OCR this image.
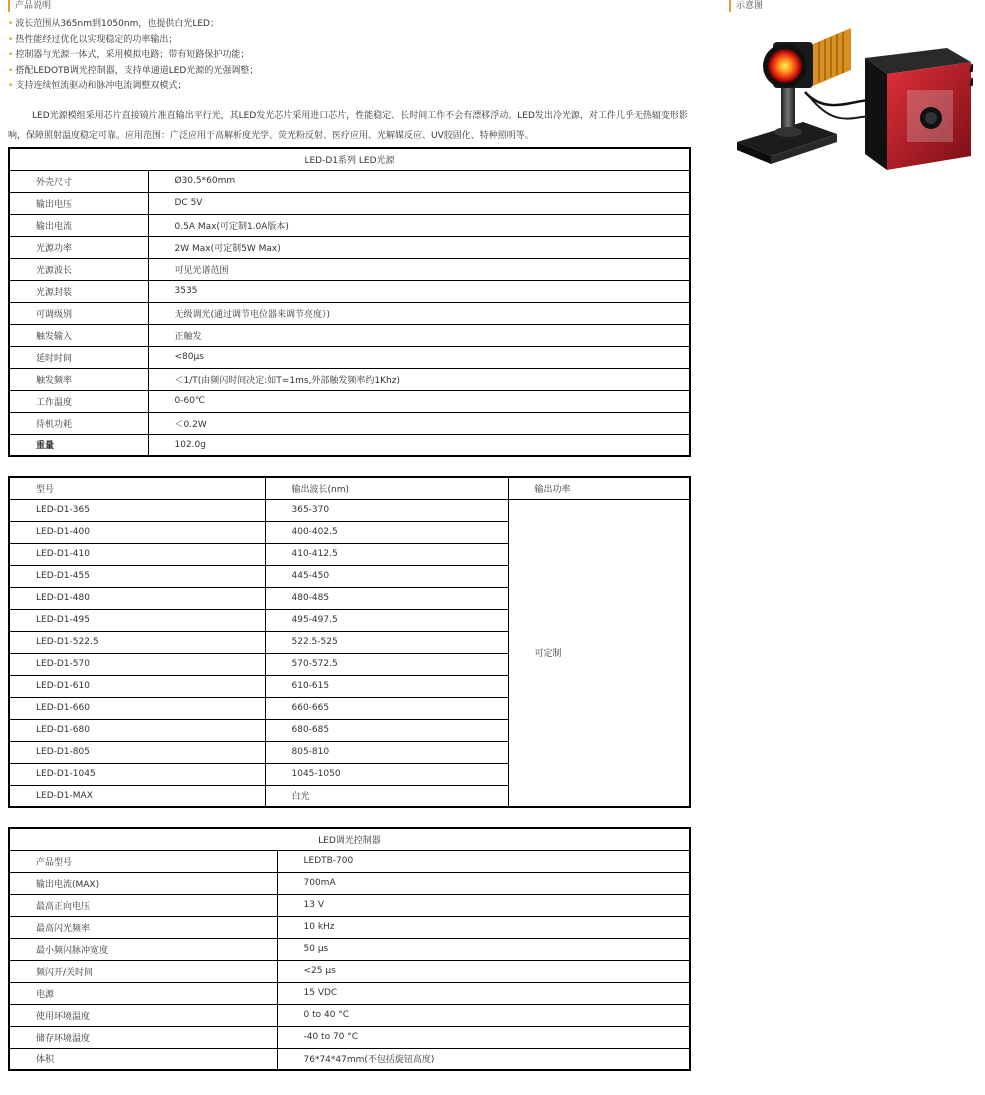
产品说明	示意图
• 波长范围从365nm到1050nm，也提供白光LED；
• 热性能经过优化以实现稳定的功率输出；
• 控制器与光源一体式，采用模拟电路；带有短路保护功能；
• 搭配LEDOTB调光控制器，支持单通道LED光源的光强调整；
• 支持连续恒流驱动和脉冲电流调整双模式；
LED光源模组采用芯片直接镜片准直输出平行光，其LED发光芯片采用进口芯片，性能稳定、长时间工作不会有漂移浮动。LED发出冷光源，对工件几乎无热辐变形影响，保障照射温度稳定可靠。应用范围：广泛应用于高解析度光学、荧光粉反射、医疗应用、光解媒反应、UV胶固化、特种照明等。
LED-D1系列 LED光源	
外壳尺寸	Ø30.5*60mm
输出电压	DC 5V
输出电流	0.5A Max(可定制1.0A版本)
光源功率	2W Max(可定制5W Max)
光源波长	可见光谱范围
光源封装	3535
可调级别	无级调光(通过调节电位器来调节亮度）)
触发输入	正触发
延时时间	<80μs
触发频率	＜1/T(由频闪时间决定:如T=1ms,外部触发频率约1Khz)
工作温度	0-60℃
待机功耗	＜0.2W
重量	102.0g
型号	输出波长(nm)	输出功率
LED-D1-365	365-370	可定制
LED-D1-400	400-402.5	
LED-D1-410	410-412.5	
LED-D1-455	445-450	
LED-D1-480	480-485	
LED-D1-495	495-497.5	
LED-D1-522.5	522.5-525	
LED-D1-570	570-572.5	
LED-D1-610	610-615	
LED-D1-660	660-665	
LED-D1-680	680-685	
LED-D1-805	805-810	
LED-D1-1045	1045-1050	
LED-D1-MAX	白光	
LED调光控制器	
产品型号	LEDTB-700
输出电流(MAX)	700mA
最高正向电压	13 V
最高闪光频率	10 kHz
最小频闪脉冲宽度	50 µs
频闪开/关时间	<25 µs
电源	15 VDC
使用环境温度	0 to 40 °C
储存环境温度	-40 to 70 °C
体积	76*74*47mm(不包括旋钮高度)
